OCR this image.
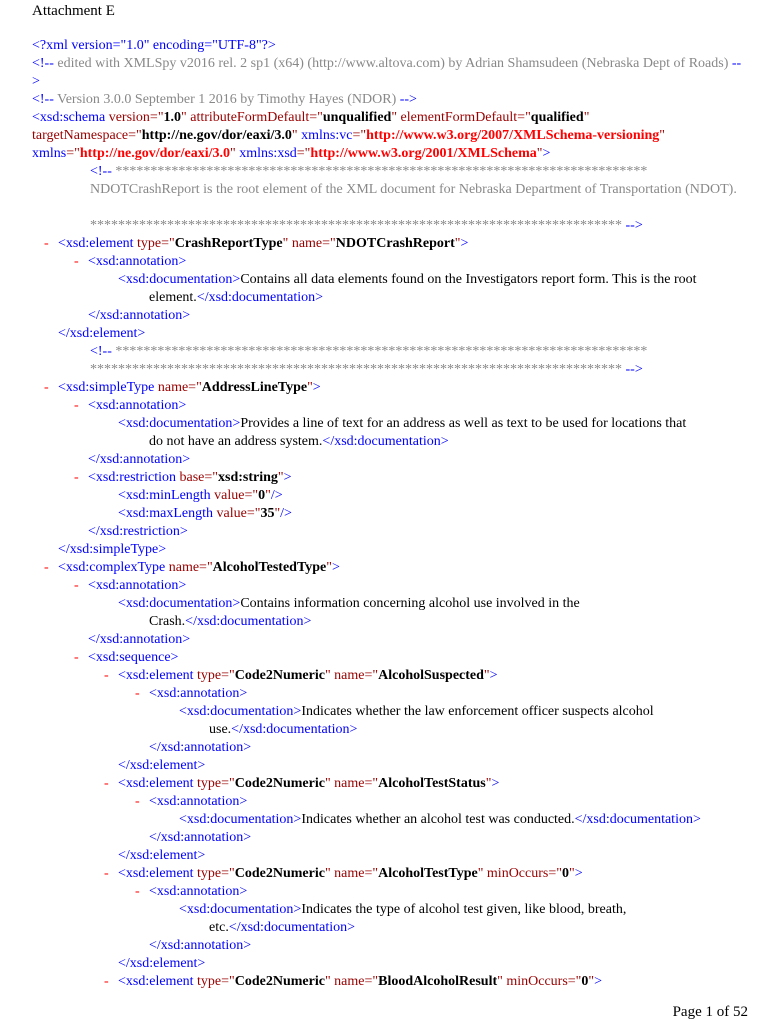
Attachment E
<?xml version="1.0" encoding="UTF-8"?>
<!-- edited with XMLSpy v2016 rel. 2 sp1 (x64) (http://www.altova.com) by Adrian Shamsudeen (Nebraska Dept of Roads) -->
<!-- Version 3.0.0 September 1 2016 by Timothy Hayes (NDOR) -->
<xsd:schema version="1.0" attributeFormDefault="unqualified" elementFormDefault="qualified"
targetNamespace="http://ne.gov/dor/eaxi/3.0" xmlns:vc="http://www.w3.org/2007/XMLSchema-versioning"
xmlns="http://ne.gov/dor/eaxi/3.0" xmlns:xsd="http://www.w3.org/2001/XMLSchema">
<!-- ****************************************************************************
NDOTCrashReport is the root element of the XML document for Nebraska Department of Transportation (NDOT).
**************************************************************************** -->
- <xsd:element type="CrashReportType" name="NDOTCrashReport">
- <xsd:annotation>
<xsd:documentation>Contains all data elements found on the Investigators report form. This is the root
element.</xsd:documentation>
</xsd:annotation>
</xsd:element>
<!-- ****************************************************************************
**************************************************************************** -->
- <xsd:simpleType name="AddressLineType">
- <xsd:annotation>
<xsd:documentation>Provides a line of text for an address as well as text to be used for locations that
do not have an address system.</xsd:documentation>
</xsd:annotation>
- <xsd:restriction base="xsd:string">
<xsd:minLength value="0"/>
<xsd:maxLength value="35"/>
</xsd:restriction>
</xsd:simpleType>
- <xsd:complexType name="AlcoholTestedType">
- <xsd:annotation>
<xsd:documentation>Contains information concerning alcohol use involved in the
Crash.</xsd:documentation>
</xsd:annotation>
- <xsd:sequence>
- <xsd:element type="Code2Numeric" name="AlcoholSuspected">
- <xsd:annotation>
<xsd:documentation>Indicates whether the law enforcement officer suspects alcohol
use.</xsd:documentation>
</xsd:annotation>
</xsd:element>
- <xsd:element type="Code2Numeric" name="AlcoholTestStatus">
- <xsd:annotation>
<xsd:documentation>Indicates whether an alcohol test was conducted.</xsd:documentation>
</xsd:annotation>
</xsd:element>
- <xsd:element type="Code2Numeric" name="AlcoholTestType" minOccurs="0">
- <xsd:annotation>
<xsd:documentation>Indicates the type of alcohol test given, like blood, breath,
etc.</xsd:documentation>
</xsd:annotation>
</xsd:element>
- <xsd:element type="Code2Numeric" name="BloodAlcoholResult" minOccurs="0">
Page 1 of 52
